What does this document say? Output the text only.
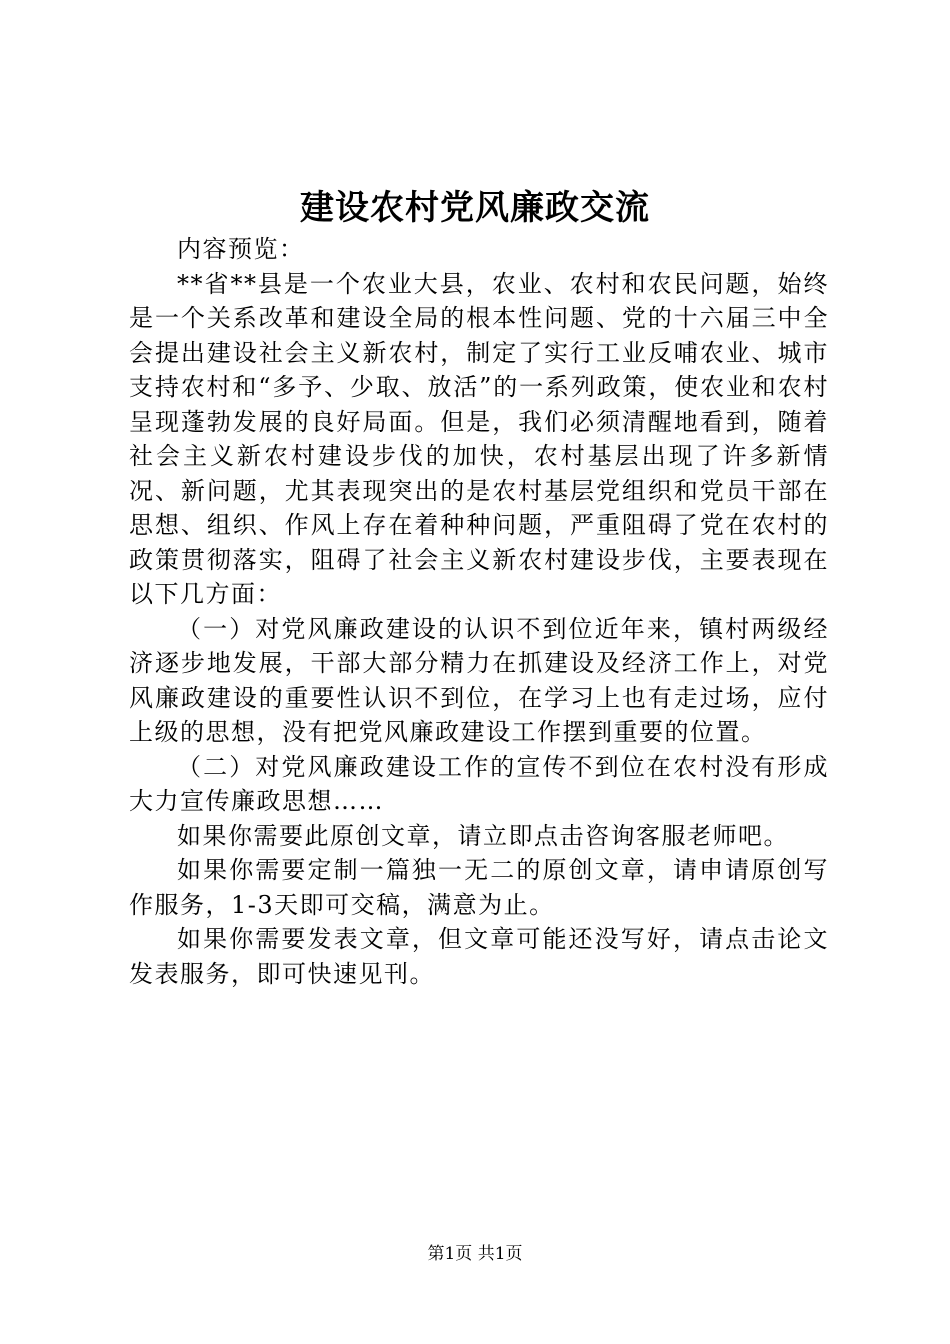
建设农村党风廉政交流

内容预览：

**省**县是一个农业大县，农业、农村和农民问题，始终是一个关系改革和建设全局的根本性问题、党的十六届三中全会提出建设社会主义新农村，制定了实行工业反哺农业、城市支持农村和“多予、少取、放活”的一系列政策，使农业和农村呈现蓬勃发展的良好局面。但是，我们必须清醒地看到，随着社会主义新农村建设步伐的加快，农村基层出现了许多新情况、新问题，尤其表现突出的是农村基层党组织和党员干部在思想、组织、作风上存在着种种问题，严重阻碍了党在农村的政策贯彻落实，阻碍了社会主义新农村建设步伐，主要表现在以下几方面：

（一）对党风廉政建设的认识不到位近年来，镇村两级经济逐步地发展，干部大部分精力在抓建设及经济工作上，对党风廉政建设的重要性认识不到位，在学习上也有走过场，应付上级的思想，没有把党风廉政建设工作摆到重要的位置。

（二）对党风廉政建设工作的宣传不到位在农村没有形成大力宣传廉政思想……

如果你需要此原创文章，请立即点击咨询客服老师吧。

如果你需要定制一篇独一无二的原创文章，请申请原创写作服务，1-3天即可交稿，满意为止。

如果你需要发表文章，但文章可能还没写好，请点击论文发表服务，即可快速见刊。

第1页 共1页
